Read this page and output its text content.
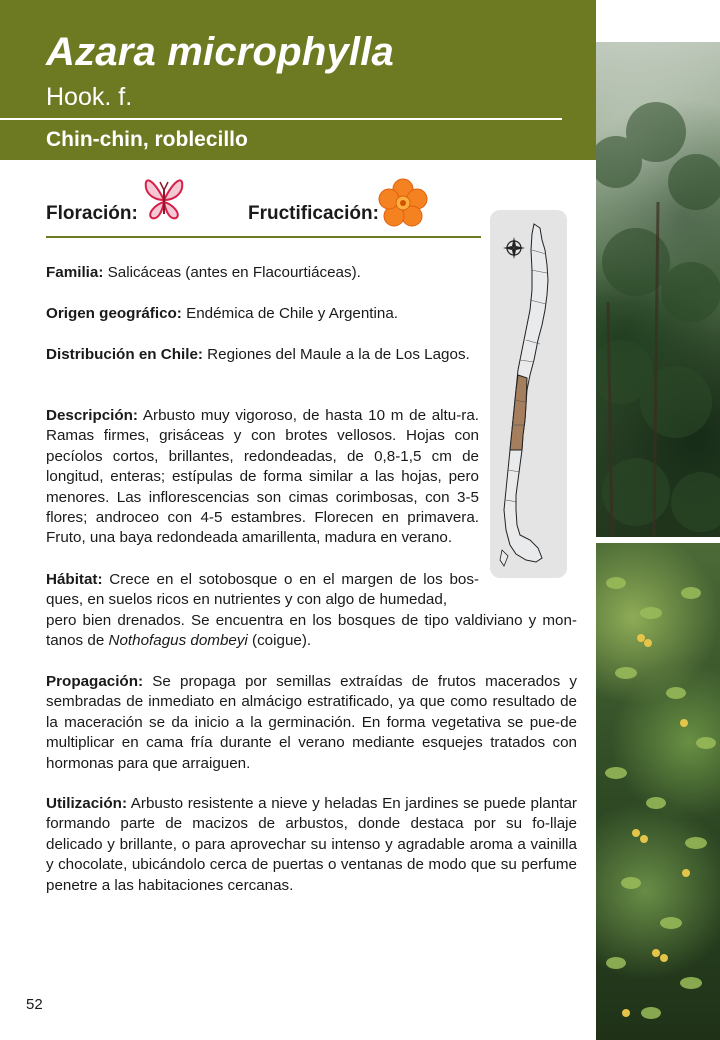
Azara microphylla
Hook. f.
Chin-chin, roblecillo
Floración:	Fructificación:

Familia: Salicáceas (antes en Flacourtiáceas).

Origen geográfico: Endémica de Chile y Argentina.

Distribución en Chile: Regiones del Maule a la de Los Lagos.

Descripción: Arbusto muy vigoroso, de hasta 10 m de altu-ra. Ramas firmes, grisáceas y con brotes vellosos. Hojas con pecíolos cortos, brillantes, redondeadas, de 0,8-1,5 cm de longitud, enteras; estípulas de forma similar a las hojas, pero menores. Las inflorescencias son cimas corimbosas, con 3-5 flores; androceo con 4-5 estambres. Florecen en primavera. Fruto, una baya redondeada amarillenta, madura en verano.

Hábitat: Crece en el sotobosque o en el margen de los bos-

ques, en suelos ricos en nutrientes y con algo de humedad,

pero bien drenados. Se encuentra en los bosques de tipo valdiviano y mon-tanos de Nothofagus dombeyi (coigue).

Propagación: Se propaga por semillas extraídas de frutos macerados y sembradas de inmediato en almácigo estratificado, ya que como resultado de la maceración se da inicio a la germinación. En forma vegetativa se pue-de multiplicar en cama fría durante el verano mediante esquejes tratados con hormonas para que arraiguen.

Utilización: Arbusto resistente a nieve y heladas En jardines se puede plantar formando parte de macizos de arbustos, donde destaca por su fo-llaje delicado y brillante, o para aprovechar su intenso y agradable aroma a vainilla y chocolate, ubicándolo cerca de puertas o ventanas de modo que su perfume penetre a las habitaciones cercanas.

52
